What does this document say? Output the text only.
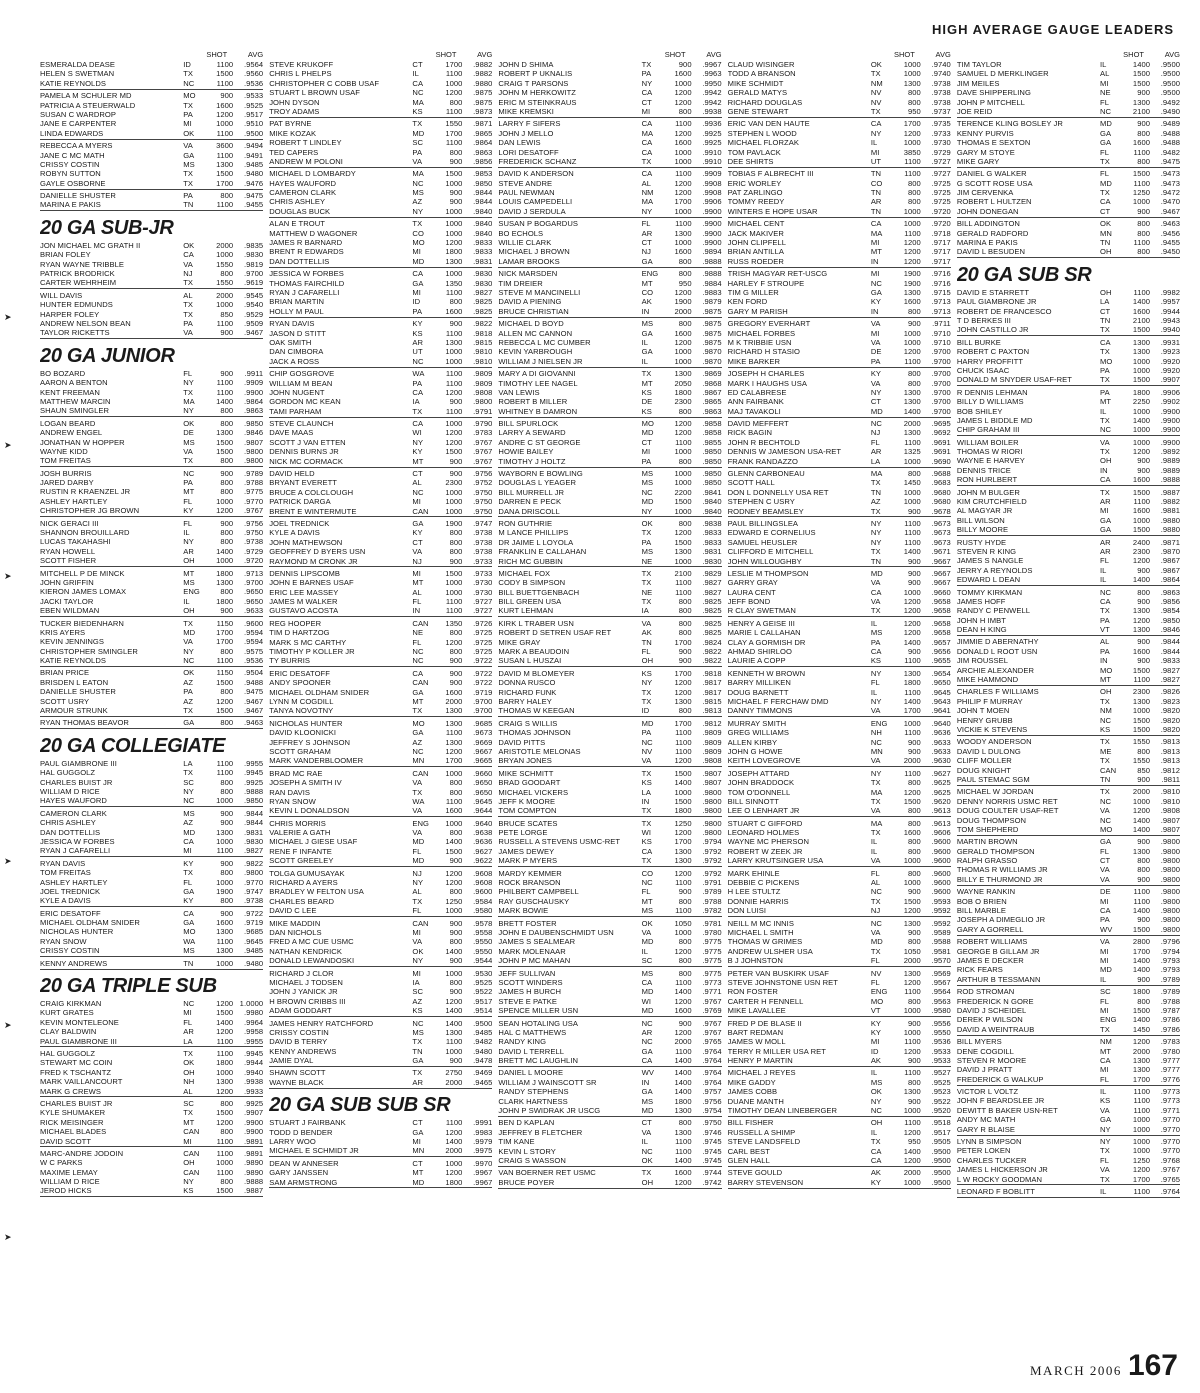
HIGH AVERAGE GAUGE LEADERS
SHOT	AVG
ESMERALDA DEASE	ID	1100	.9564
HELEN S SWETMAN	TX	1500	.9560
KATIE REYNOLDS	NC	1100	.9536
PAMELA M SCHULER MD	MO	900	.9533
PATRICIA A STEUERWALD	TX	1600	.9525
SUSAN C WARDROP	PA	1200	.9517
JANE E CARPENTER	MI	1000	.9510
LINDA EDWARDS	OK	1100	.9500
REBECCA A MYERS	VA	3600	.9494
JANE C MC MATH	GA	1100	.9491
CRISSY COSTIN	MS	1300	.9485
ROBYN SUTTON	TX	1500	.9480
GAYLE OSBORNE	TX	1700	.9476
DANIELLE SHUSTER	PA	800	.9475
MARINA E PAKIS	TN	1100	.9455
20 GA SUB-JR
JON MICHAEL MC GRATH II	OK	2000	.9835
BRIAN FOLEY	CA	1000	.9830
RYAN WAYNE TRIBBLE	VA	1550	.9819
PATRICK BRODRICK	NJ	800	.9700
CARTER WEHRHEIM	TX	1550	.9619
WILL DAVIS	AL	2000	.9545
HUNTER EDMUNDS	TX	1000	.9540
HARPER FOLEY	TX	850	.9529
ANDREW NELSON BEAN	PA	1100	.9509
TAYLOR RICKETTS	VA	900	.9467
20 GA JUNIOR
BO BOZARD	FL	900	.9911
AARON A BENTON	NY	1100	.9909
KENT FREEMAN	TX	1100	.9900
MATTHEW MARCIN	MA	1400	.9864
SHAUN SMINGLER	NY	800	.9863
LOGAN BEARD	OK	800	.9850
ANDREW ENGEL	DE	1300	.9846
JONATHAN W HOPPER	MS	1500	.9807
WAYNE KIDD	VA	1500	.9800
TOM FREITAS	TX	800	.9800
JOSH BURRIS	NC	900	.9789
JARED DARBY	PA	800	.9788
RUSTIN R KRAENZEL JR	MT	800	.9775
ASHLEY HARTLEY	FL	1000	.9770
CHRISTOPHER JG BROWN	KY	1200	.9767
NICK GERACI III	FL	900	.9756
SHANNON BROUILLARD	IL	800	.9750
LUCAS TAKAHASHI	NY	800	.9738
RYAN HOWELL	AR	1400	.9729
SCOTT FISHER	OH	1000	.9720
MITCHELL P DE MINCK	MT	1800	.9713
JOHN GRIFFIN	MS	1300	.9700
KIERON JAMES LOMAX	ENG	800	.9650
JACKI TAYLOR	IL	1800	.9650
EBEN WILDMAN	OH	900	.9633
TUCKER BIEDENHARN	TX	1150	.9600
KRIS AYERS	MD	1700	.9594
KEVIN JENNINGS	VA	1700	.9594
CHRISTOPHER SMINGLER	NY	800	.9575
KATIE REYNOLDS	NC	1100	.9536
BRIAN PRICE	OK	1150	.9504
BRISDEN L EATON	AZ	1500	.9488
DANIELLE SHUSTER	PA	800	.9475
SCOTT USRY	AZ	1200	.9467
ARMOUR STRUNK	TX	1500	.9467
RYAN THOMAS BEAVOR	GA	800	.9463
20 GA COLLEGIATE
PAUL GIAMBRONE III	LA	1100	.9955
HAL GUGGOLZ	TX	1100	.9945
CHARLES BUIST JR	SC	800	.9925
WILLIAM D RICE	NY	800	.9888
HAYES WAUFORD	NC	1000	.9850
CAMERON CLARK	MS	900	.9844
CHRIS ASHLEY	AZ	900	.9844
DAN DOTTELLIS	MD	1300	.9831
JESSICA W FORBES	CA	1000	.9830
RYAN J CAFARELLI	MI	1100	.9827
RYAN DAVIS	KY	900	.9822
TOM FREITAS	TX	800	.9800
ASHLEY HARTLEY	FL	1000	.9770
JOEL TREDNICK	GA	1900	.9747
KYLE A DAVIS	KY	800	.9738
ERIC DESATOFF	CA	900	.9722
MICHAEL OLDHAM SNIDER	GA	1600	.9719
NICHOLAS HUNTER	MO	1300	.9685
RYAN SNOW	WA	1100	.9645
CRISSY COSTIN	MS	1300	.9485
KENNY ANDREWS	TN	1000	.9480
20 GA TRIPLE SUB
CRAIG KIRKMAN	NC	1200 1.0000
KURT GRATES	MI	1500	.9980
KEVIN MONTELEONE	FL	1400	.9964
CLAY BALDWIN	AR	1200	.9958
PAUL GIAMBRONE III	LA	1100	.9955
HAL GUGGOLZ	TX	1100	.9945
STEWART MC COIN	OK	1800	.9944
FRED K TSCHANTZ	OH	1000	.9940
MARK VAILLANCOURT	NH	1300	.9938
MARK G CREWS	AL	1200	.9933
CHARLES BUIST JR	SC	800	.9925
KYLE SHUMAKER	TX	1500	.9907
RICK MEISINGER	MT	1200	.9900
MICHAEL BLADES	CAN	800	.9900
DAVID SCOTT	MI	1100	.9891
MARC-ANDRE JODOIN	CAN	1100	.9891
W C PARKS	OH	1000	.9890
MAXIME LEMAY	CAN	1100	.9890
WILLIAM D RICE	NY	800	.9888
JEROD HICKS	KS	1500	.9887
SHOT	AVG
STEVE KRUKOFF	CT	1700	.9882
CHRIS L PHELPS	IL	1100	.9882
CHRISTOPHER C COBB USAF	CA	1000	.9880
STUART L BROWN USAF	NC	1200	.9875
JOHN DYSON	MA	800	.9875
TROY ADAMS	KS	1100	.9873
PAT BYRNE	TX	1550	.9871
MIKE KOZAK	MD	1700	.9865
ROBERT T LINDLEY	SC	1100	.9864
TED CAPERS	PA	800	.9863
ANDREW M POLONI	VA	900	.9856
MICHAEL D LOMBARDY	MA	1500	.9853
HAYES WAUFORD	NC	1000	.9850
CAMERON CLARK	MS	900	.9844
CHRIS ASHLEY	AZ	900	.9844
DOUGLAS BUCK	NY	1000	.9840
ALAN E TROUT	TX	1000	.9840
MATTHEW D WAGONER	CO	1000	.9840
JAMES R BARNARD	MO	1200	.9833
BRENT R EDWARDS	MI	1800	.9833
DAN DOTTELLIS	MD	1300	.9831
JESSICA W FORBES	CA	1000	.9830
THOMAS FAIRCHILD	GA	1350	.9830
RYAN J CAFARELLI	MI	1100	.9827
BRIAN MARTIN	ID	800	.9825
HOLLY M PAUL	PA	1600	.9825
RYAN DAVIS	KY	900	.9822
JASON D STITT	KS	1100	.9818
OAK SMITH	AR	1300	.9815
DAN CIMBORA	UT	1000	.9810
JACK A ROSS	NC	1000	.9810
CHIP GOSGROVE	WA	1100	.9809
WILLIAM M BEAN	PA	1100	.9809
JOHN NUGENT	CA	1200	.9808
GORDON MC KEAN	IA	900	.9800
TAMI PARHAM	TX	1100	.9791
STEVE CLAUNCH	CA	1000	.9790
DAVE MAAS	WI	1200	.9783
SCOTT J VAN ETTEN	NY	1200	.9767
DENNIS BURNS JR	KY	1500	.9767
NICK MC CORMACK	MT	900	.9767
DAVID HELD	CT	900	.9756
BRYANT EVERETT	AL	2300	.9752
BRUCE A COLCLOUGH	NC	1000	.9750
PATRICK DARGA	MI	1000	.9750
BRENT E WINTERMUTE	CAN	1000	.9750
JOEL TREDNICK	GA	1900	.9747
KYLE A DAVIS	KY	800	.9738
JOHN MATHEWSON	CT	800	.9738
GEOFFREY D BYERS USN	VA	800	.9738
RAYMOND M CRONK JR	NJ	900	.9733
DENNIS LIPSCOMB	MI	1500	.9733
JOHN E BARNES USAF	MT	1000	.9730
ERIC LEE MASSEY	AL	1000	.9730
JAMES M WALKER	FL	1100	.9727
GUSTAVO ACOSTA	IN	1100	.9727
REG HOOPER	CAN	1350	.9726
TIM D HARTZOG	NE	800	.9725
MARK S MC CARTHY	FL	1200	.9725
TIMOTHY P KOLLER JR	NC	800	.9725
TY BURRIS	NC	900	.9722
ERIC DESATOFF	CA	900	.9722
ANDY SPOONER	CAN	900	.9722
MICHAEL OLDHAM SNIDER	GA	1600	.9719
LYNN M COGDILL	MT	2000	.9700
TANYA NOVOTNY	TX	1300	.9700
NICHOLAS HUNTER	MO	1300	.9685
DAVID KLOONICKI	GA	1100	.9673
JEFFREY S JOHNSON	AZ	1300	.9669
SCOTT GRAHAM	NC	1200	.9667
MARK VANDERBLOOMER	MN	1700	.9665
BRAD MC RAE	CAN	1000	.9660
JOSEPH A SMITH IV	VA	800	.9650
RAN DAVIS	TX	800	.9650
RYAN SNOW	WA	1100	.9645
KEVIN L DONALDSON	VA	1600	.9644
CHRIS MORRIS	ENG	1000	.9640
VALERIE A GATH	VA	800	.9638
MICHAEL J GIESE USAF	MD	1400	.9636
RENE F INFANTE	FL	1500	.9627
SCOTT GREELEY	MD	900	.9622
TOLGA GUMUSAYAK	NJ	1200	.9608
RICHARD A AYERS	NY	1200	.9608
BRADLEY W FELTON USA	AL	800	.9600
CHARLES BEARD	TX	1250	.9584
DAVID C LEE	FL	1000	.9580
MIKE MADDIN	CAN	900	.9578
DAN NICHOLS	MI	900	.9558
FRED A MC CUE USMC	VA	800	.9550
NATHAN KENDRICK	OK	1400	.9550
DONALD LEWANDOSKI	NY	900	.9544
RICHARD J CLOR	MI	1000	.9530
MICHAEL J TODSEN	IA	800	.9525
JOHN J YANICK JR	SC	900	.9522
H BROWN CRIBBS III	AZ	1200	.9517
ADAM GODDART	KS	1400	.9514
JAMES HENRY RATCHFORD	NC	1400	.9500
CRISSY COSTIN	MS	1300	.9485
DAVID B TERRY	TX	1100	.9482
KENNY ANDREWS	TN	1000	.9480
JAMIE DYAL	GA	900	.9478
SHAWN SCOTT	TX	2750	.9469
WAYNE BLACK	AR	2000	.9465
20 GA SUB SUB SR
STUART J FAIRBANK	CT	1100	.9991
TODD D BENDER	GA	1200	.9983
LARRY WOO	MI	1400	.9979
MICHAEL E SCHMIDT JR	MN	2000	.9975
DEAN W ANNESER	CT	1000	.9970
GARY JANSSEN	MT	1200	.9967
SAM ARMSTRONG	MD	1800	.9967
SHOT	AVG
JOHN D SHIMA	TX	900	.9967
ROBERT P UKNALIS	PA	1600	.9963
CRAIG T PARSONS	NY	1000	.9950
JOHN M HERKOWITZ	CA	1200	.9942
ERIC M STEINKRAUS	CT	1200	.9942
MIKE KREMSKI	MI	800	.9938
LARRY F SIFERS	CA	1100	.9936
JOHN J MELLO	MA	1200	.9925
DAN LEWIS	CA	1600	.9925
LORI DESATOFF	CA	1000	.9910
FREDERICK SCHANZ	TX	1000	.9910
DAVID K ANDERSON	CA	1100	.9909
STEVE ANDRE	AL	1200	.9908
PAUL NEWMAN	NM	1200	.9908
LOUIS CAMPEDELLI	MA	1700	.9906
DAVID J SERDULA	NY	1000	.9900
SUSAN P BOGARDUS	FL	1100	.9900
BO ECHOLS	AR	1300	.9900
WILLIE CLARK	CT	1000	.9900
MICHAEL J BROWN	NJ	1600	.9894
LAMAR BROOKS	GA	800	.9888
NICK MARSDEN	ENG	800	.9888
TIM DREIER	MT	950	.9884
STEVE M MANCINELLI	CO	1200	.9883
DAVID A PIENING	AK	1900	.9879
BRUCE CHRISTIAN	IN	2000	.9875
MICHAEL D BOYD	MS	800	.9875
ALLEN MC CANNON	GA	1600	.9875
REBECCA L MC CUMBER	IL	1200	.9875
KEVIN YARBROUGH	GA	1000	.9870
WILLIAM J NIELSEN JR	IL	1000	.9870
MARY A DI GIOVANNI	TX	1300	.9869
TIMOTHY LEE NAGEL	MT	2050	.9868
VAN LEWIS	KS	1800	.9867
ROBERT B MILLER	DE	2300	.9865
WHITNEY B DAMRON	KS	800	.9863
BILL SPURLOCK	MO	1200	.9858
LARRY A SEWARD	MD	1200	.9858
ANDRE C ST GEORGE	CT	1100	.9855
HOWIE BAILEY	MI	1000	.9850
TIMOTHY J HOLTZ	PA	800	.9850
WAYBORN E BOWLING	MS	1000	.9850
DOUGLAS L YEAGER	MS	1000	.9850
BILL MURRELL JR	NC	2200	.9841
DARREN E PECK	MD	1500	.9840
DANA DRISCOLL	NY	1000	.9840
RON GUTHRIE	OK	800	.9838
M LANCE PHILLIPS	TX	1200	.9833
DR JAIME L LOYOLA	PA	1500	.9833
FRANKLIN E CALLAHAN	MS	1300	.9831
RICH MC GUBBIN	NE	1000	.9830
MICHAEL FOX	TX	2100	.9829
CODY B SIMPSON	TX	1100	.9827
BILL BUETTGENBACH	NE	1100	.9827
BILL GREEN USA	TX	800	.9825
KURT LEHMAN	IA	800	.9825
KIRK L TRABER USN	VA	800	.9825
ROBERT D SETREN USAF RET	AK	800	.9825
MIKE GRAY	TN	1700	.9824
MARK A BEAUDOIN	FL	900	.9822
SUSAN L HUSZAI	OH	900	.9822
DAVID M BLOMEYER	KS	1700	.9818
DONNA RUSCO	NY	1200	.9817
RICHARD FUNK	TX	1200	.9817
BARRY HALEY	TX	1300	.9815
THOMAS W KEEGAN	ID	800	.9813
CRAIG S WILLIS	MD	1700	.9812
THOMAS JOHNSON	PA	1100	.9809
DAVID PITTS	NC	1100	.9809
ARISTOTLE MELONAS	NV	1100	.9809
BRYAN JONES	VA	1200	.9808
MIKE SCHMITT	TX	1500	.9807
BRAD GOODART	KS	1400	.9807
MICHAEL VICKERS	LA	1000	.9800
JEFF K MOORE	IN	1500	.9800
TOM COMPTON	TX	1800	.9800
BRUCE SCATES	TX	1250	.9800
PETE LORGE	WI	1200	.9800
RUSSELL A STEVENS USMC-RET	KS	1700	.9794
JAMES DEWEY	CA	1300	.9792
MARK P MYERS	TX	1300	.9792
MARDY KEMMER	CO	1200	.9792
ROCK BRANSON	NC	1100	.9791
PHILBERT CAMPBELL	FL	900	.9789
RAY GUSCHAUSKY	MT	800	.9788
MARK BOWIE	MS	1100	.9782
BRETT FOSTER	OK	1050	.9781
JOHN E DAUBENSCHMIDT USN	VA	1000	.9780
JAMES S SEALMEAR	MD	800	.9775
MARK MOLENAAR	IL	1200	.9775
JOHN P MC MAHAN	SC	800	.9775
JEFF SULLIVAN	MS	800	.9775
SCOTT WINDERS	CA	1100	.9773
JAMES H BURCH	MD	1400	.9771
STEVE E PATKE	WI	1200	.9767
SPENCE MILLER USN	MD	1600	.9769
SEAN HOTALING USA	NC	900	.9767
HAL C MATTHEWS	AR	1200	.9767
RANDY KING	NC	2000	.9765
DAVID L TERRELL	GA	1100	.9764
BRETT MC LAUGHLIN	CA	1400	.9764
DANIEL L MOORE	WV	1400	.9764
WILLIAM J WAINSCOTT SR	IN	1400	.9764
RANDY STEPHENS	GA	1400	.9757
CLARK HARTNESS	MS	1800	.9756
JOHN P SWIDRAK JR USCG	MD	1300	.9754
BEN D KAPLAN	CT	800	.9750
JEFFREY B FLETCHER	VA	1300	.9746
TIM KANE	IL	1100	.9745
KEVIN L STORY	NC	1100	.9745
CRAIG S WASSON	OK	1400	.9745
VAN BOERNER RET USMC	TX	1600	.9744
BRUCE POYER	OH	1200	.9742
SHOT	AVG
CLAUD WISINGER	OK	1000	.9740
TODD A BRANSON	TX	1000	.9740
MIKE SCHMIDT	NM	1300	.9738
GERALD MATYS	NV	800	.9738
RICHARD DOUGLAS	NV	800	.9738
GENE STEWART	TX	950	.9737
ERIC VAN DEN HAUTE	CA	1700	.9735
STEPHEN L WOOD	NY	1200	.9733
MICHAEL FLORZAK	IL	1000	.9730
TOM PAVLACK	MI	3850	.9729
DEE SHIRTS	UT	1100	.9727
TOBIAS F ALBRECHT III	TN	1100	.9727
ERIC WORLEY	CO	800	.9725
PAT ZARLINGO	TN	800	.9725
TOMMY REEDY	AR	800	.9725
WINTERS E HOPE USAR	TN	1000	.9720
MICHAEL CENT	CA	1000	.9720
JACK MAKIVER	MA	1100	.9718
JOHN CLIPFELL	MI	1200	.9717
BRIAN ANTILLA	MT	1200	.9717
RUSS ROEDER	IN	1200	.9717
TRISH MAGYAR RET-USCG	MI	1900	.9716
HARLEY F STROUPE	NC	1900	.9716
TIM G MILLER	GA	1300	.9715
KEN FORD	KY	1600	.9713
GARY M PARISH	IN	800	.9713
GREGORY EVERHART	VA	900	.9711
MICHAEL FORBES	MI	1000	.9710
M K TRIBBIE USN	VA	1000	.9710
RICHARD H STASIO	DE	1200	.9700
MIKE BARKER	PA	1100	.9700
JOSEPH H CHARLES	KY	800	.9700
MARK I HAUGHS USA	VA	800	.9700
ED CALABRESE	NY	1300	.9700
ANN FAIRBANK	CT	1300	.9700
MAJ TAVAKOLI	MD	1400	.9700
DAVID MEFFERT	NC	2000	.9695
RICK BAGIN	NJ	1300	.9692
JOHN R BECHTOLD	FL	1100	.9691
DENNIS W JAMESON USA-RET	AR	1325	.9691
FRANK RANDAZZO	LA	1000	.9690
GLENN CARBONEAU	MA	800	.9688
SCOTT HALL	TX	1450	.9683
DON L DONNELLY USA RET	TN	1000	.9680
STEPHEN C USRY	AZ	1000	.9680
RODNEY BEAMSLEY	TX	900	.9678
PAUL BILLINGSLEA	NY	1100	.9673
EDWARD E CORNELIUS	NY	1100	.9673
SAMUEL HEUSLER	NY	1100	.9673
CLIFFORD E MITCHELL	TX	1400	.9671
JOHN WILLOUGHBY	TN	900	.9667
LESLIE M THOMPSON	MD	900	.9667
GARRY GRAY	VA	900	.9667
LAURA CENT	CA	1000	.9660
JEFF BOND	VA	1200	.9658
R CLAY SWETMAN	TX	1200	.9658
HENRY A GEISE III	IL	1200	.9658
MARIE L CALLAHAN	MS	1200	.9658
CLAY A GORMISH DR	PA	1400	.9657
AHMAD SHIRLOO	CA	900	.9656
LAURIE A COPP	KS	1100	.9655
KENNETH W BROWN	NY	1300	.9654
BARRY MILLIKEN	FL	1800	.9650
DOUG BARNETT	IL	1100	.9645
MICHAEL F FERCHAW DMD	NY	1400	.9643
DANNY TIMMONS	VA	1700	.9641
MURRAY SMITH	ENG	1000	.9640
GREG WILLIAMS	NH	1100	.9636
ALLEN KIRBY	NC	900	.9633
JOHN G HOWE	MN	900	.9633
KEITH LOVEGROVE	VA	2000	.9630
JOSEPH ATTARD	NY	1100	.9627
JOHN BRADDOCK	TX	800	.9625
TOM O'DONNELL	MA	1200	.9625
BILL SINNOTT	TX	1500	.9620
LEE O LENHART JR	VA	800	.9613
STUART C GIFFORD	MA	800	.9613
LEONARD HOLMES	TX	1600	.9606
WAYNE MC PHERSON	IL	800	.9600
ROBERT W ZEEK JR	IL	800	.9600
LARRY KRUTSINGER USA	VA	1000	.9600
MARK EHINLE	FL	800	.9600
DEBBIE C PICKENS	AL	1000	.9600
H LEE STULTZ	NC	900	.9600
DONNIE HARRIS	TX	1500	.9593
DON LUISI	NJ	1200	.9592
NEILL M MC INNIS	NC	1300	.9592
MICHAEL L SMITH	VA	900	.9589
THOMAS W GRIMES	MD	800	.9588
ANDREW ULSHER USA	TX	1050	.9581
B J JOHNSTON	FL	2000	.9570
PETER VAN BUSKIRK USAF	NV	1300	.9569
STEVE JOHNSTONE USN RET	FL	1200	.9567
RON FOSTER	ENG	1100	.9564
CARTER H FENNELL	MO	800	.9563
MIKE LAVALLEE	VT	1000	.9580
FRED P DE BLASE II	KY	900	.9556
BART REDMAN	KY	1000	.9550
JAMES W MOLL	MI	1100	.9536
TERRY R MILLER USA RET	ID	1200	.9533
HENRY P MARTIN	AK	900	.9533
MICHAEL J REYES	IL	1100	.9527
MIKE GADDY	MS	800	.9525
JAMES COBB	OK	1300	.9523
DUANE MANTH	NY	900	.9522
TIMOTHY DEAN LINEBERGER	NC	1000	.9520
BILL FISHER	OH	1100	.9518
RUSSELL A SHIMP	IL	1200	.9517
STEVE LANDSFELD	TX	950	.9505
CARL BEST	CA	1400	.9500
GLEN HALL	CA	1200	.9500
STEVE GOULD	AK	2000	.9500
BARRY STEVENSON	KY	1000	.9500
SHOT	AVG
TIM TAYLOR	IL	1400	.9500
SAMUEL D MERKLINGER	AL	1500	.9500
JIM MEILES	MI	1500	.9500
DAVE SHIPPERLING	NE	900	.9500
JOHN P MITCHELL	FL	1300	.9492
JOE REID	NC	2100	.9490
TERENCE KLING BOSLEY JR	MD	900	.9489
KENNY PURVIS	GA	800	.9488
THOMAS E SEXTON	GA	1600	.9488
GARY M STOYE	FL	1100	.9482
MIKE GARY	TX	800	.9475
DANIEL G WALKER	FL	1500	.9473
G SCOTT ROSE USA	MD	1100	.9473
JIM CERVENKA	TX	1250	.9472
ROBERT L HULTZEN	CA	1000	.9470
JOHN DONEGAN	CT	900	.9467
BILL ADDINGTON	OK	800	.9463
GERALD RADFORD	MN	800	.9456
MARINA E PAKIS	TN	1100	.9455
DAVID L BESUDEN	OH	800	.9450
20 GA SUB SR
DAVID E STARRETT	OH	1100	.9982
PAUL GIAMBRONE JR	LA	1400	.9957
ROBERT DE FRANCESCO	CT	1600	.9944
T D BERKES III	TN	2100	.9943
JOHN CASTILLO JR	TX	1500	.9940
BILL BURKE	CA	1300	.9931
ROBERT C PAXTON	TX	1300	.9923
HARRY PROFFITT	MO	1000	.9920
CHUCK ISAAC	PA	1000	.9920
DONALD M SNYDER USAF-RET	TX	1500	.9907
R DENNIS LEHMAN	PA	1800	.9906
BILLY D WILLIAMS	MT	2250	.9902
BOB SHILEY	IL	1000	.9900
JAMES L BIDDLE MD	TX	1400	.9900
CHIP GRAHAM III	NC	1000	.9900
WILLIAM BOILER	VA	1000	.9900
THOMAS W RIORI	TX	1200	.9892
WAYNE E HARVEY	OH	900	.9889
DENNIS TRICE	IN	900	.9889
RON HURLBERT	CA	1600	.9888
JOHN M BULGER	TX	1500	.9887
KIM CRUTCHFIELD	AR	1100	.9882
AL MAGYAR JR	MI	1600	.9881
BILL WILSON	GA	1000	.9880
BILLY MOORE	GA	1500	.9880
RUSTY HYDE	AR	2400	.9871
STEVEN R KING	AR	2300	.9870
JAMES S NANGLE	FL	1200	.9867
JERRY A REYNOLDS	IL	900	.9867
EDWARD L DEAN	IL	1400	.9864
TOMMY KIRKMAN	NC	800	.9863
JAMES HOFF	CA	900	.9856
RANDY C PENWELL	TX	1300	.9854
JOHN H IMBT	PA	1200	.9850
DEAN H KING	VT	1300	.9846
JIMMIE D ABERNATHY	AL	900	.9844
DONALD L ROOT USN	PA	1600	.9844
JIM ROUSSEL	IN	900	.9833
ARCHIE ALEXANDER	MO	1500	.9827
MIKE HAMMOND	MT	1100	.9827
CHARLES F WILLIAMS	OH	2300	.9826
PHILIP F MURRAY	TX	1300	.9823
JOHN T MOEN	NM	1000	.9820
HENRY GRUBB	NC	1500	.9820
VICKIE K STEVENS	KS	1500	.9820
WOODY ANDERSON	TX	1550	.9813
DAVID L DULONG	ME	800	.9813
CLIFF MOLLER	TX	1550	.9813
DOUG KNIGHT	CAN	850	.9812
PAUL STEMAC SGM	TN	900	.9811
MICHAEL W JORDAN	TX	2000	.9810
DENNY NORRIS USMC RET	NC	1000	.9810
DOUG COULTER USAF-RET	VA	1200	.9808
DOUG THOMPSON	NC	1400	.9807
TOM SHEPHERD	MO	1400	.9807
MARTIN BROWN	GA	900	.9800
GERALD THOMPSON	FL	1300	.9800
RALPH GRASSO	CT	800	.9800
THOMAS R WILLIAMS JR	VA	800	.9800
BILLY E THURMOND JR	VA	900	.9800
WAYNE RANKIN	DE	1100	.9800
BOB O BRIEN	MI	1100	.9800
BILL MARBLE	CA	1400	.9800
JOSEPH A DIMEGLIO JR	PA	900	.9800
GARY A GORRELL	WV	1500	.9800
ROBERT WILLIAMS	VA	2800	.9796
GEORGE B GILLAM JR	MI	1700	.9794
JAMES E DECKER	MI	1400	.9793
RICK FEARS	MD	1400	.9793
ARTHUR B TESSMANN	IL	900	.9789
ROD STROMAN	SC	1800	.9789
FREDERICK N GORE	FL	800	.9788
DAVID J SCHEIDEL	MI	1500	.9787
DEREK P WILSON	ENG	1400	.9786
DAVID A WEINTRAUB	TX	1450	.9786
BILL MYERS	NM	1200	.9783
DENE COGDILL	MT	2000	.9780
STEVEN R MOORE	CA	1300	.9777
DAVID J PRATT	MI	1300	.9777
FREDERICK G WALKUP	FL	1700	.9776
VICTOR L VOLTZ	IL	1100	.9773
JOHN F BEARDSLEE JR	KS	1100	.9773
DEWITT B BAKER USN-RET	VA	1100	.9771
ANDY MC MATH	GA	1000	.9770
GARY R BLAISE	NY	1000	.9770
LYNN B SIMPSON	NY	1000	.9770
PETER LOKEN	TX	1000	.9770
CHARLES TUCKER	FL	1250	.9768
JAMES L HICKERSON JR	VA	1200	.9767
L W ROCKY GOODMAN	TX	1700	.9765
LEONARD F BOBLITT	IL	1100	.9764
MARCH 2006 167
➤
➤
➤
➤
➤
➤
